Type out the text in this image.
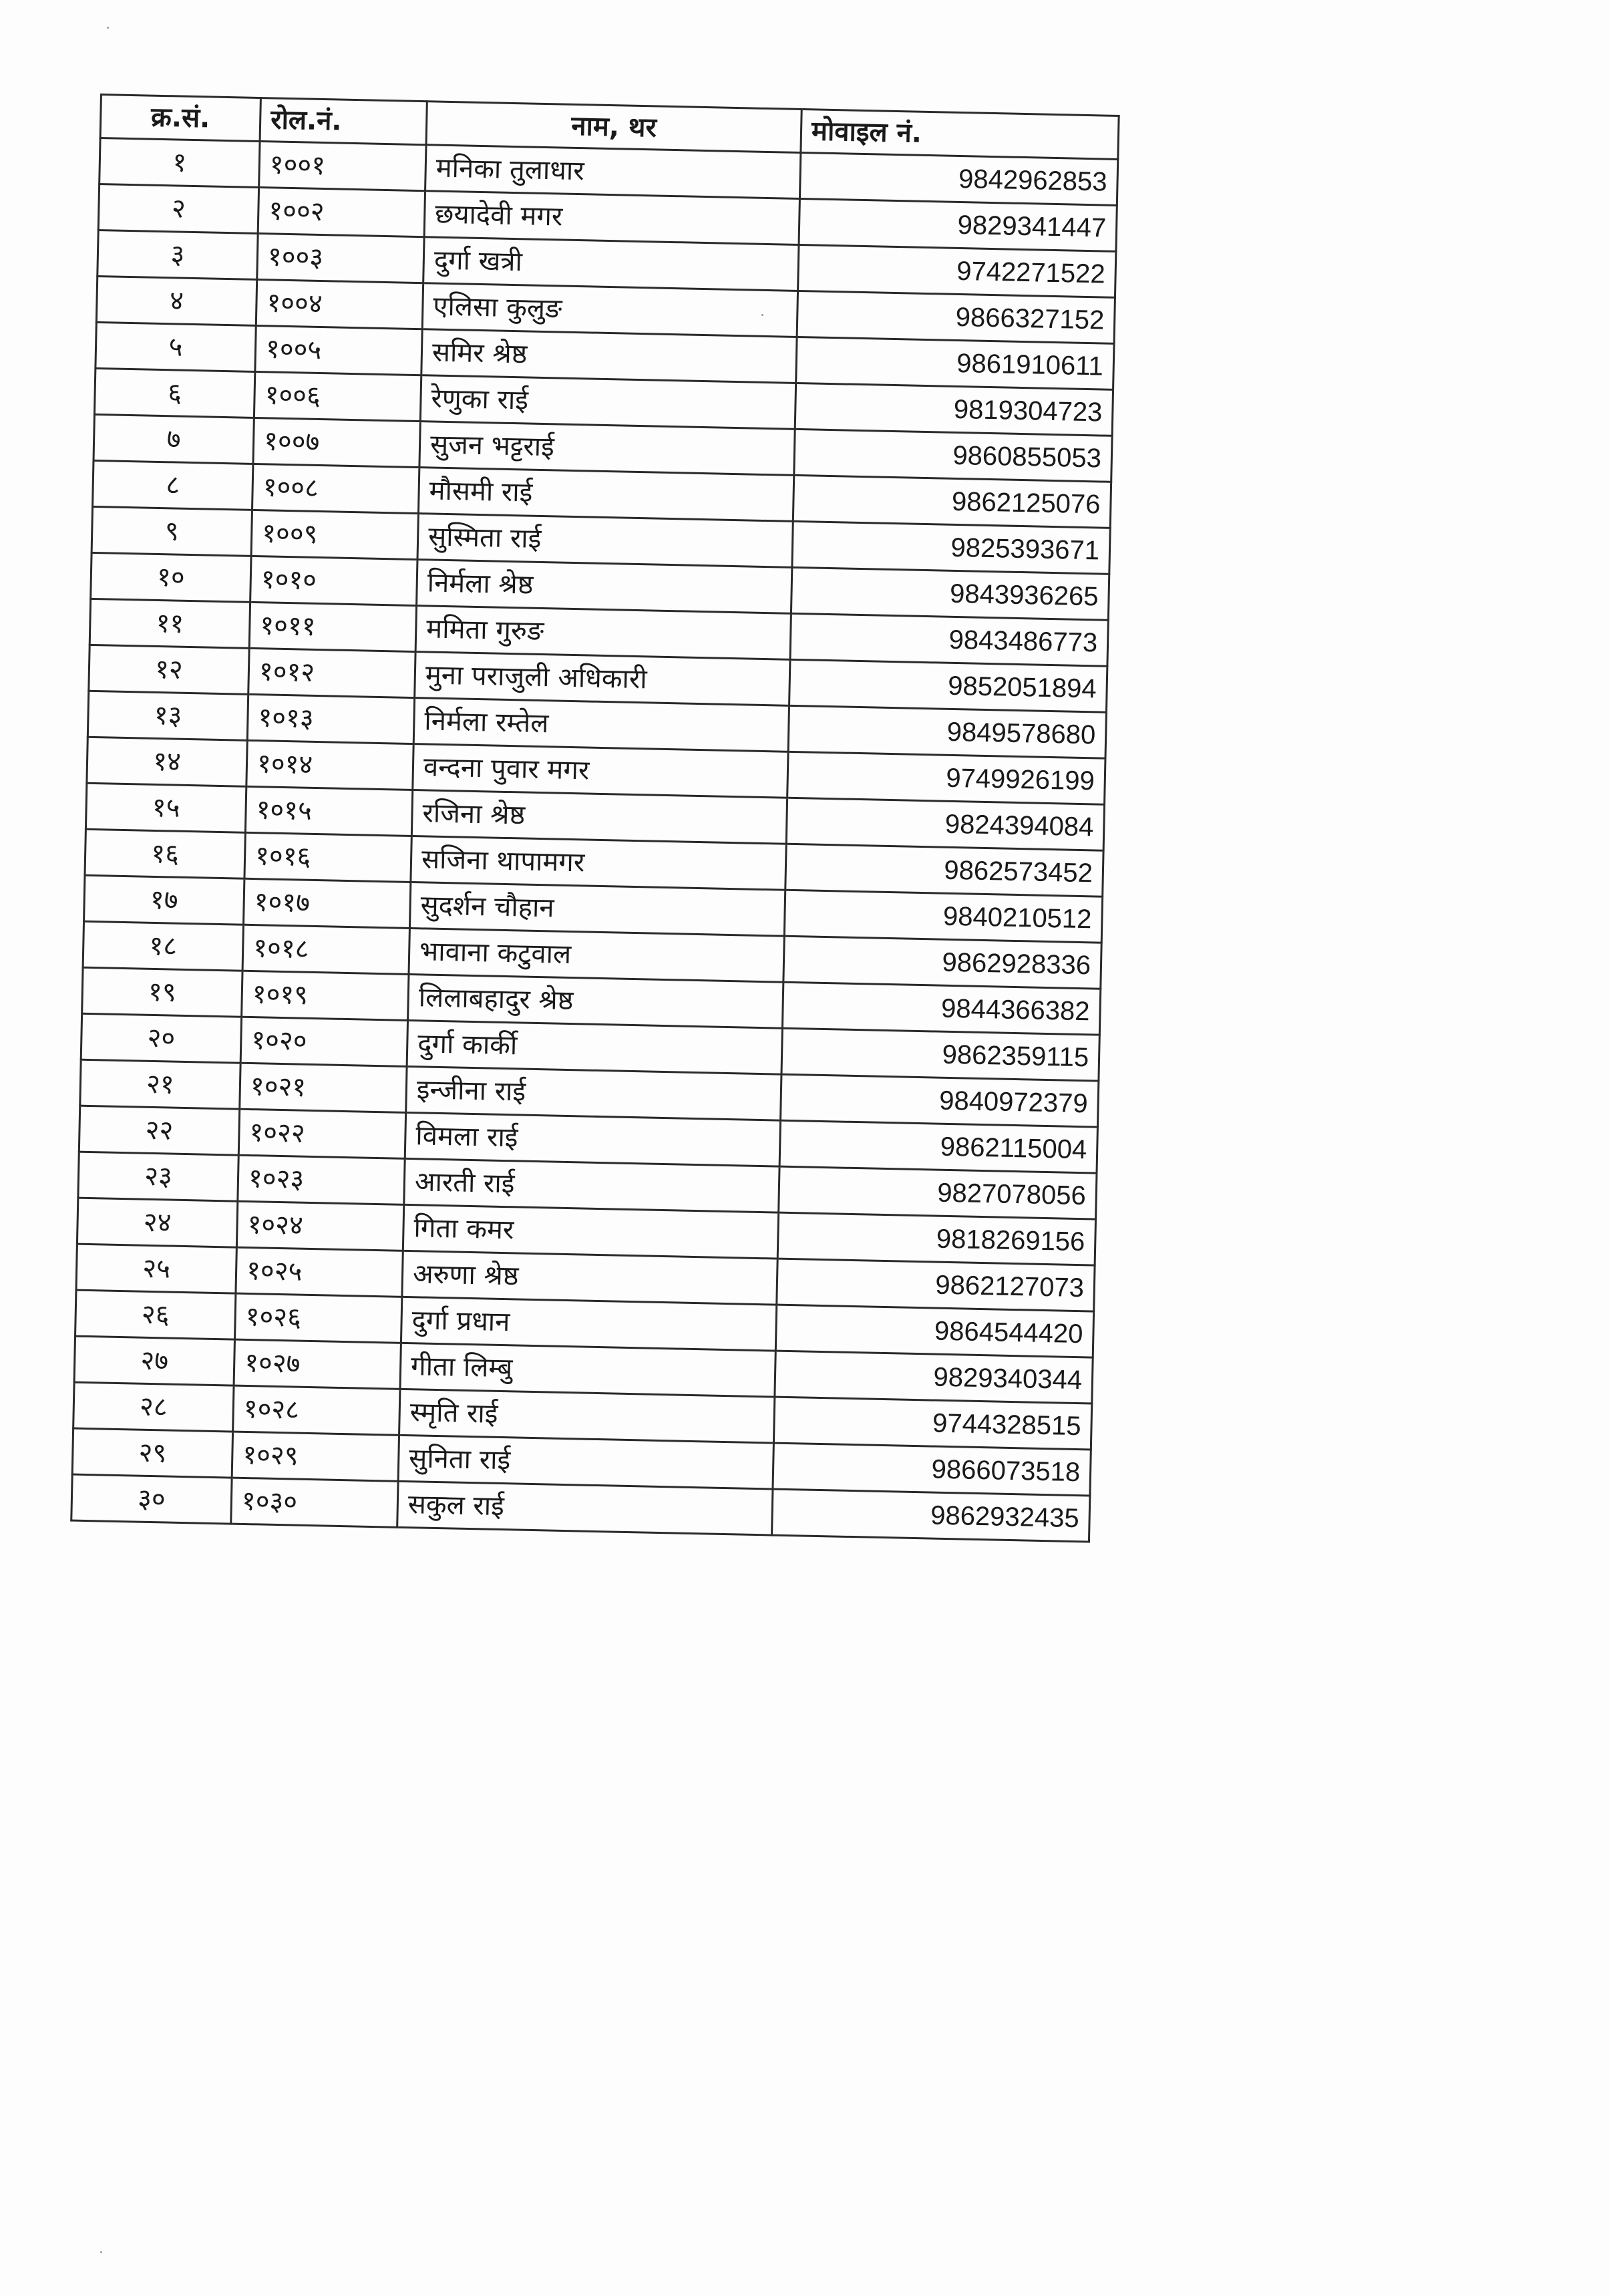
क्र.सं.	रोल.नं.	नाम, थर	मोवाइल नं.
१	१००१	मनिका तुलाधार	9842962853
२	१००२	छयादेवी मगर	9829341447
३	१००३	दुर्गा खत्री	9742271522
४	१००४	एलिसा कुलुङ	9866327152
५	१००५	समिर श्रेष्ठ	9861910611
६	१००६	रेणुका राई	9819304723
७	१००७	सुजन भट्टराई	9860855053
८	१००८	मौसमी राई	9862125076
९	१००९	सुस्मिता राई	9825393671
१०	१०१०	निर्मला श्रेष्ठ	9843936265
११	१०११	ममिता गुरुङ	9843486773
१२	१०१२	मुना पराजुली अधिकारी	9852051894
१३	१०१३	निर्मला रम्तेल	9849578680
१४	१०१४	वन्दना पुवार मगर	9749926199
१५	१०१५	रजिना श्रेष्ठ	9824394084
१६	१०१६	सजिना थापामगर	9862573452
१७	१०१७	सुदर्शन चौहान	9840210512
१८	१०१८	भावाना कटुवाल	9862928336
१९	१०१९	लिलाबहादुर श्रेष्ठ	9844366382
२०	१०२०	दुर्गा कार्की	9862359115
२१	१०२१	इन्जीना राई	9840972379
२२	१०२२	विमला राई	9862115004
२३	१०२३	आरती राई	9827078056
२४	१०२४	गिता कमर	9818269156
२५	१०२५	अरुणा श्रेष्ठ	9862127073
२६	१०२६	दुर्गा प्रधान	9864544420
२७	१०२७	गीता लिम्बु	9829340344
२८	१०२८	स्मृति राई	9744328515
२९	१०२९	सुनिता राई	9866073518
३०	१०३०	सकुल राई	9862932435
